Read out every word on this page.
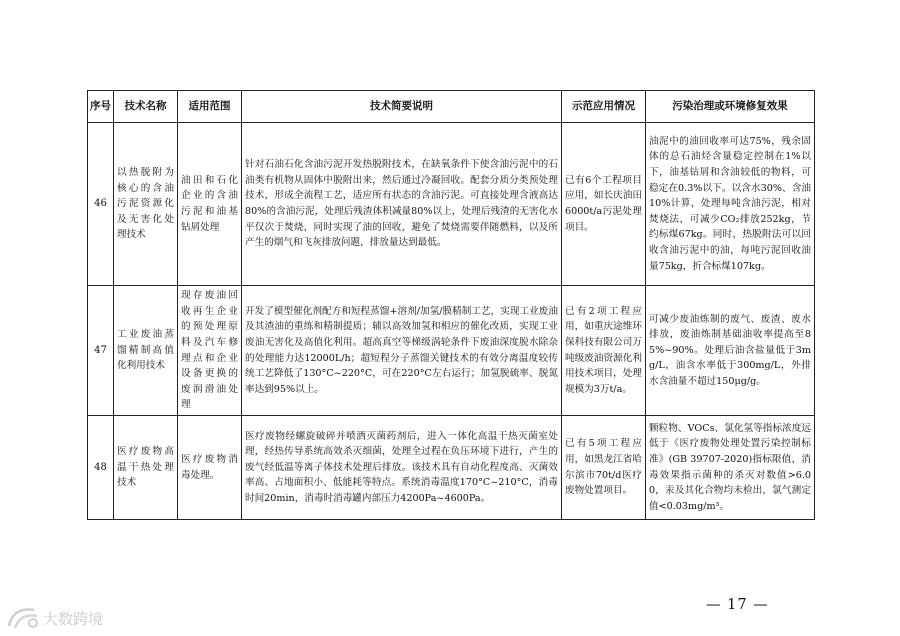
序号	技术名称	适用范围	技术简要说明	示范应用情况	污染治理或环境修复效果
46	以热脱附为核心的含油污泥资源化及无害化处理技术	油田和石化企业的含油污泥和油基钻屑处理	针对石油石化含油污泥开发热脱附技术，在缺氧条件下使含油污泥中的石油类有机物从固体中脱附出来，然后通过冷凝回收。配套分质分类预处理技术，形成全流程工艺，适应所有状态的含油污泥。可直接处理含液高达80%的含油污泥，处理后残渣体积减量80%以上，处理后残渣的无害化水平仅次于焚烧，同时实现了油的回收，避免了焚烧需要伴随燃料，以及所产生的烟气和飞灰排放问题，排放量达到最低。	已有6个工程项目应用，如长庆油田6000t/a污泥处理项目。	油泥中的油回收率可达75%，残余固体的总石油烃含量稳定控制在1%以下，油基钻屑和含油较低的物料，可稳定在0.3%以下。以含水30%、含油10%计算，处理每吨含油污泥，相对焚烧法，可减少CO₂排放252kg，节约标煤67kg。同时，热脱附法可以回收含油污泥中的油，每吨污泥回收油量75kg，折合标煤107kg。
47	工业废油蒸馏精制高值化利用技术	现存废油回收再生企业的预处理原料及汽车修理点和企业设备更换的废润滑油处理	开发了模型催化剂配方和短程蒸馏+溶剂/加氢/膜精制工艺，实现工业废油及其渣油的重练和精制提质；辅以高效加氢和相应的催化改质，实现工业废油无害化及高值化利用。超高真空等梯级涡轮条件下废油深度脱水除杂的处理能力达12000L/h；超短程分子蒸馏关键技术的有效分离温度较传统工艺降低了130°C~220°C，可在220°C左右运行；加氢脱硫率、脱氮率达到95%以上。	已有2项工程应用，如重庆途维环保科技有限公司万吨级废油资源化利用技术项目，处理规模为3万t/a。	可减少废油炼制的废气、废渣、废水排放，废油炼制基础油收率提高至85%~90%。处理后油含盐量低于3mg/L，油含水率低于300mg/L，外排水含油量不超过150μg/g。
48	医疗废物高温干热处理技术	医疗废物消毒处理。	医疗废物经螺旋破碎并喷洒灭菌药剂后，进入一体化高温干热灭菌室处理，经热传导系统高效杀灭细菌，处理全过程在负压环境下进行，产生的废气经低温等离子体技术处理后排放。该技术具有自动化程度高、灭菌效率高、占地面积小、低能耗等特点。系统消毒温度170°C~210°C，消毒时间20min，消毒时消毒罐内部压力4200Pa~4600Pa。	已有5项工程应用，如黑龙江省哈尔滨市70t/d医疗废物处置项目。	颗粒物、VOCs、氯化氢等指标浓度远低于《医疗废物处理处置污染控制标准》(GB 39707-2020)指标限值，消毒效果指示菌种的杀灭对数值>6.00，汞及其化合物均未检出，氯气测定值<0.03mg/m³。
— 17 —
大数跨境
